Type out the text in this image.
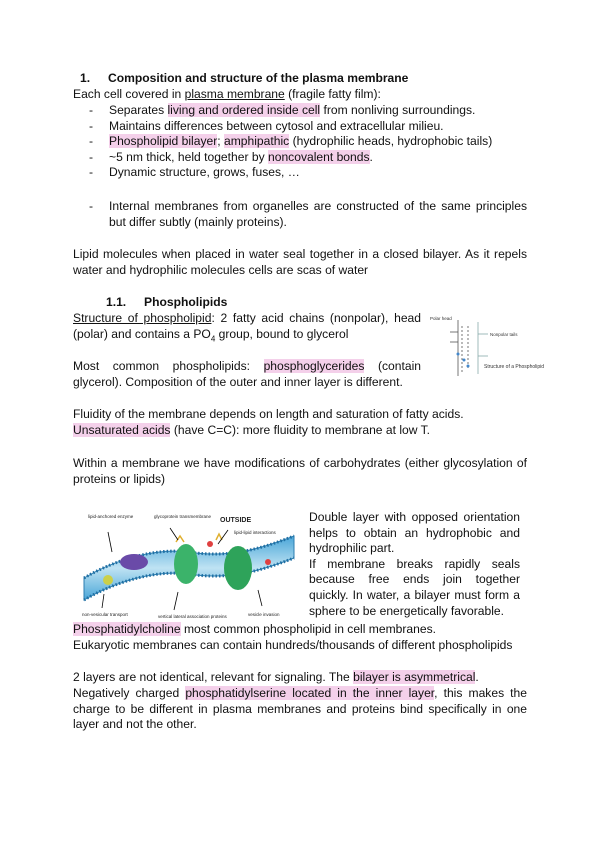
1. Composition and structure of the plasma membrane
Each cell covered in plasma membrane (fragile fatty film):
- Separates living and ordered inside cell from nonliving surroundings.
- Maintains differences between cytosol and extracellular milieu.
- Phospholipid bilayer; amphipathic (hydrophilic heads, hydrophobic tails)
- ~5 nm thick, held together by noncovalent bonds.
- Dynamic structure, grows, fuses, …
- Internal membranes from organelles are constructed of the same principles but differ subtly (mainly proteins).
Lipid molecules when placed in water seal together in a closed bilayer. As it repels water and hydrophilic molecules cells are scas of water
1.1. Phospholipids
Structure of phospholipid: 2 fatty acid chains (nonpolar), head (polar) and contains a $PO_4$ group, bound to glycerol
Most common phospholipids: phosphoglycerides (contain glycerol). Composition of the outer and inner layer is different.
Polar head
Nonpolar tails
Structure of a Phospholipid
Fluidity of the membrane depends on length and saturation of fatty acids.
Unsaturated acids (have C=C): more fluidity to membrane at low T.
Within a membrane we have modifications of carbohydrates (either glycosylation of proteins or lipids)
lipid-anchored enzyme	glycoprotein transmembrane
OUTSIDE
lipid-lipid interactions
non-vesicular transport	vertical lateral association proteins	vesicle invasion
Double layer with opposed orientation helps to obtain an hydrophobic and hydrophilic part.
If membrane breaks rapidly seals because free ends join together quickly. In water, a bilayer must form a sphere to be energetically favorable.
Phosphatidylcholine most common phospholipid in cell membranes.
Eukaryotic membranes can contain hundreds/thousands of different phospholipids
2 layers are not identical, relevant for signaling. The bilayer is asymmetrical.
Negatively charged phosphatidylserine located in the inner layer, this makes the charge to be different in plasma membranes and proteins bind specifically in one layer and not the other.
